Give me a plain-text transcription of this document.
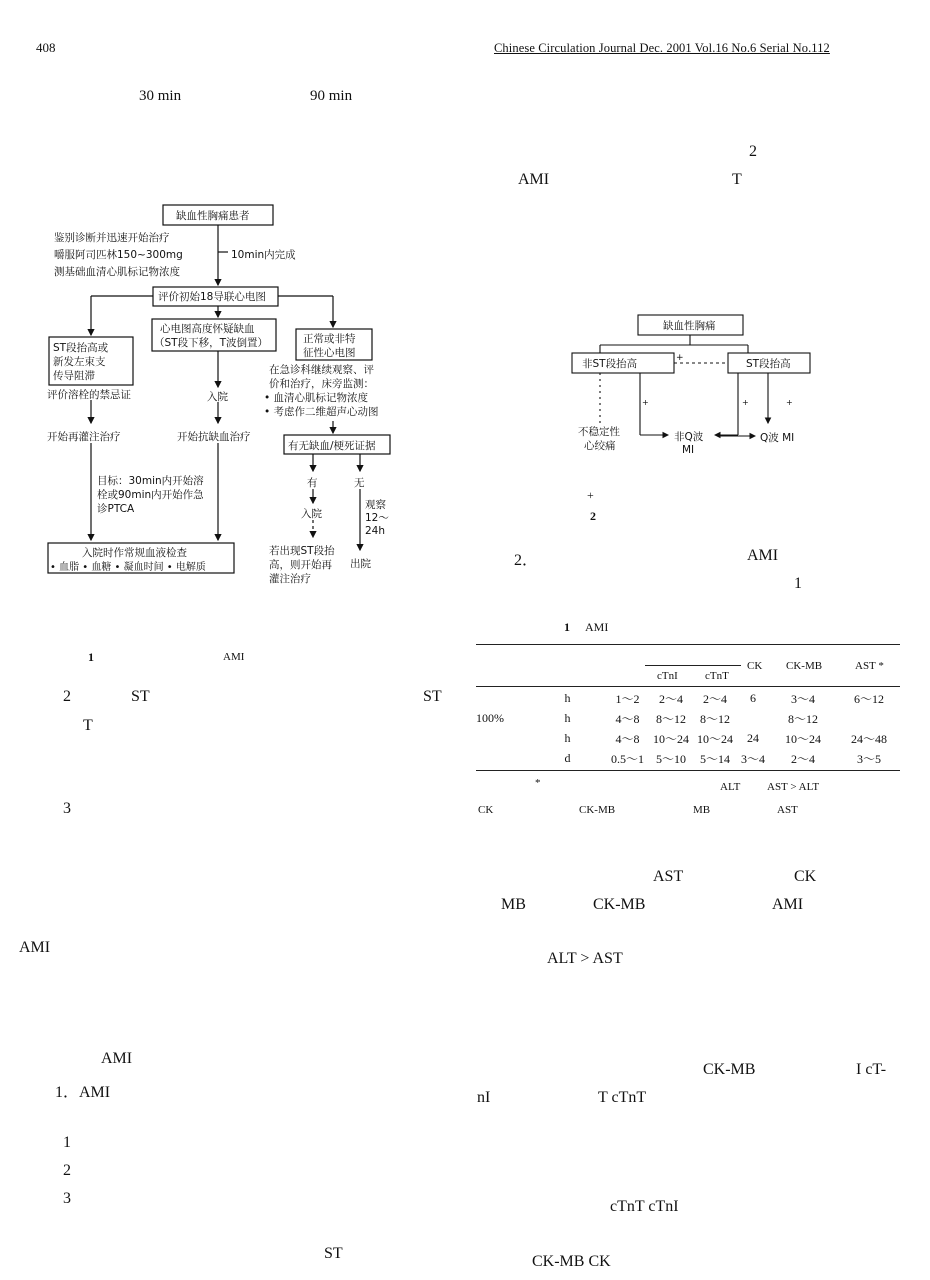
408	Chinese Circulation Journal Dec. 2001 Vol.16 No.6 Serial No.112
30 min	90 min
缺血性胸痛患者
鉴别诊断并迅速开始治疗
嚼服阿司匹林150~300mg
测基础血清心肌标记物浓度
10min内完成
评价初始18导联心电图
心电图高度怀疑缺血
（ST段下移，T波倒置）
ST段抬高或
新发左束支
传导阻滞
正常或非特
征性心电图
评价溶栓的禁忌证
开始再灌注治疗
入院
开始抗缺血治疗
在急诊科继续观察、评
价和治疗，床旁监测：
• 血清心肌标记物浓度
• 考虑作二维超声心动图
有无缺血/梗死证据
有	无
入院
观察
12～
24h
目标：30min内开始溶
栓或90min内开始作急
诊PTCA
若出现ST段抬
高，则开始再
灌注治疗
出院
入院时作常规血液检查
• 血脂 • 血糖 • 凝血时间 • 电解质
1	AMI
2	ST	ST
T
3
AMI
AMI
1．AMI
1
2
3
ST
2
AMI	T
缺血性胸痛
非ST段抬高	ST段抬高
+
不稳定性
心绞痛
非Q波
MI
Q波 MI
+	+	+
+
2
2．	AMI
1
1 AMI
cTnI cTnT
CK CK-MB	AST *
	h	1～2	2～4	2～4	6	3～4	6～12
100%	h	4～8	8～12	8～12		8～12	
	h	4～8	10～24	10～24	24	10～24	24～48
	d	0.5～1	5～10	5～14	3～4	2～4	3～5
*	ALT AST > ALT
CK	CK-MB	MB	AST
AST	CK
MB	CK-MB	AMI
ALT > AST
CK-MB	I cT-
nI	T cTnT
cTnT cTnI
CK-MB CK
